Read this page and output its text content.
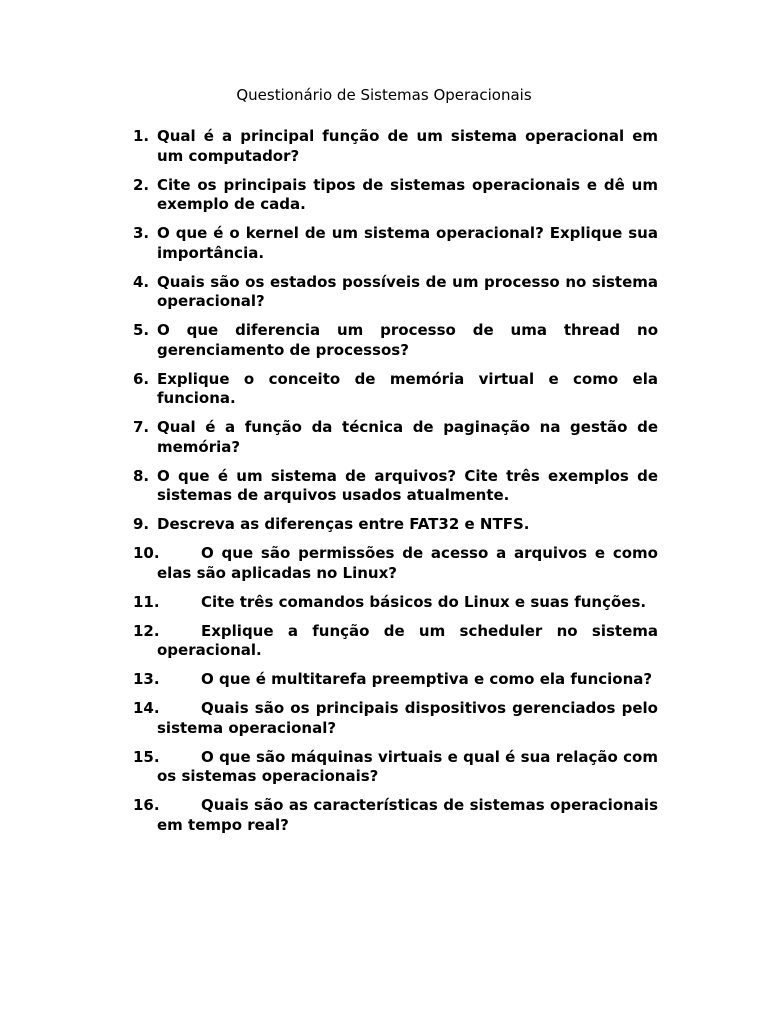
Questionário de Sistemas Operacionais
1. Qual é a principal função de um sistema operacional em um computador?
2. Cite os principais tipos de sistemas operacionais e dê um exemplo de cada.
3. O que é o kernel de um sistema operacional? Explique sua importância.
4. Quais são os estados possíveis de um processo no sistema operacional?
5. O que diferencia um processo de uma thread no gerenciamento de processos?
6. Explique o conceito de memória virtual e como ela funciona.
7. Qual é a função da técnica de paginação na gestão de memória?
8. O que é um sistema de arquivos? Cite três exemplos de sistemas de arquivos usados atualmente.
9. Descreva as diferenças entre FAT32 e NTFS.
10.	O que são permissões de acesso a arquivos e como elas são aplicadas no Linux?
11.	Cite três comandos básicos do Linux e suas funções.
12.	Explique a função de um scheduler no sistema operacional.
13.	O que é multitarefa preemptiva e como ela funciona?
14.	Quais são os principais dispositivos gerenciados pelo sistema operacional?
15.	O que são máquinas virtuais e qual é sua relação com os sistemas operacionais?
16.	Quais são as características de sistemas operacionais em tempo real?
